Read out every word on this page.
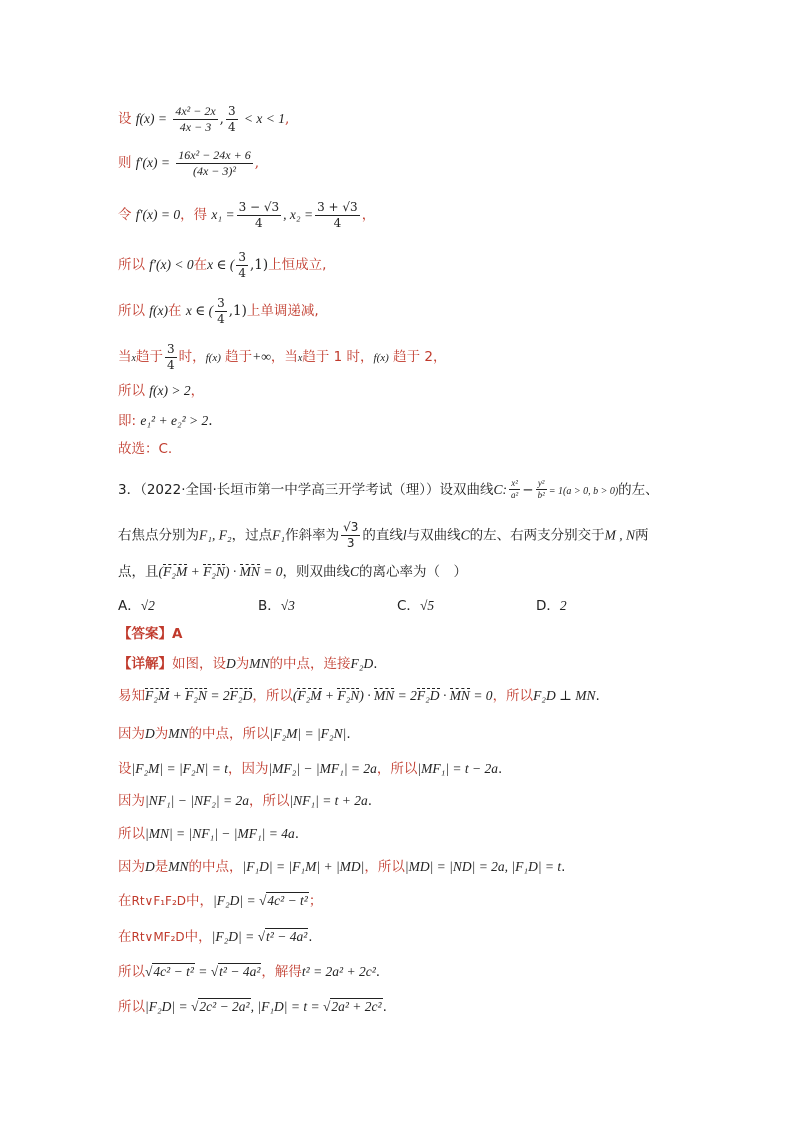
设 $f(x) = \frac{\text{4x² − 2x}}{4x - 3}$ , $\frac{3}{4} < x < 1$,
则 $f'(x) = \frac{\text{16x² − 24x + 6}}{\text{(4x − 3)²}}$ ,
令 f′(x) = 0，得 $x_1 = \frac{3 - √3}{4}$ , $x_2 = \frac{3 + √3}{4}$ ，
所以 f′(x) < 0在x ∈ ( $\frac{3}{4} ,1$)上恒成立,
所以 f(x)在 x ∈ ( $\frac{3}{4} ,1$)上单调递减,
当x趋于 $\frac{3}{4}$ 时，f(x) 趋于+∞，当x趋于 1 时，f(x) 趋于 2，
所以 f(x) > 2，
即: e₁² + e₂² > 2.
故选：C.
3．（2022·全国·长垣市第一中学高三开学考试（理））设双曲线C: $\frac{\text{x²}}{\text{a²}} - \frac{\text{y²}}{\text{b²}} = 1(a > 0$, b > 0)的左、
右焦点分别为F₁, F₂，过点F₁作斜率为 $\frac{√3}{3}$ 的直线l与双曲线C的左、右两支分别交于M , N两
点，且(F₂M + F₂N) · MN = 0，则双曲线C的离心率为（　）
A．√2	B．√3	C．√5	D．2
【答案】A
【详解】如图，设D为MN的中点，连接F₂D.
易知F₂M + F₂N = 2F₂D，所以(F₂M + F₂N) · MN = 2F₂D · MN = 0，所以F₂D ⊥ MN.
因为D为MN的中点，所以|F₂M| = |F₂N|.
设|F₂M| = |F₂N| = t，因为|MF₂| − |MF₁| = 2a，所以|MF₁| = t − 2a.
因为|NF₁| − |NF₂| = 2a，所以|NF₁| = t + 2a.
所以|MN| = |NF₁| − |MF₁| = 4a.
因为D是MN的中点，|F₁D| = |F₁M| + |MD|，所以|MD| = |ND| = 2a, |F₁D| = t.
在Rt∨F₁F₂D中，|F₂D| = √4c² − t²；
在Rt∨MF₂D中，|F₂D| = √t² − 4a².
所以√4c² − t² = √t² − 4a²，解得t² = 2a² + 2c².
所以|F₂D| = √2c² − 2a², |F₁D| = t = √2a² + 2c².
